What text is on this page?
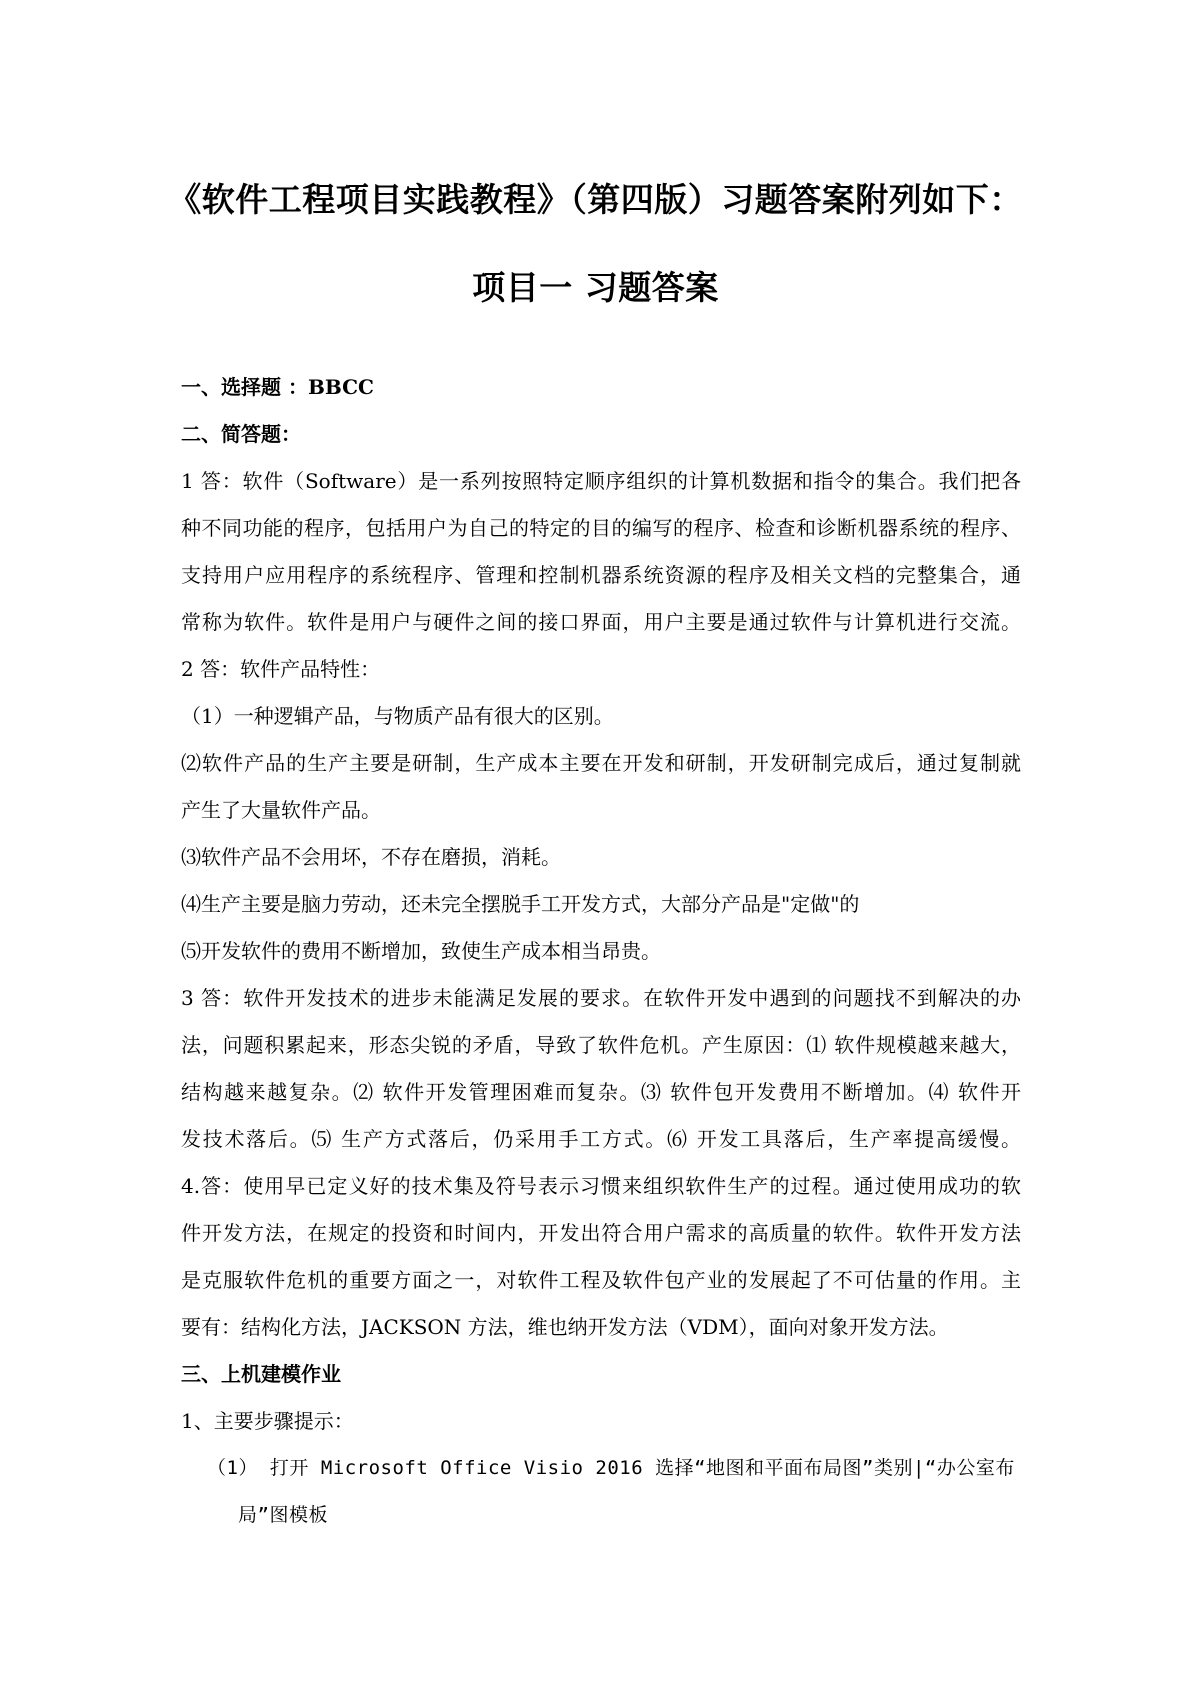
《软件工程项目实践教程》（第四版）习题答案附列如下：
项目一 习题答案
一、选择题 ：BBCC
二、简答题：
1 答：软件（Software）是一系列按照特定顺序组织的计算机数据和指令的集合。我们把各
种不同功能的程序，包括用户为自己的特定的目的编写的程序、检查和诊断机器系统的程序、
支持用户应用程序的系统程序、管理和控制机器系统资源的程序及相关文档的完整集合，通
常称为软件。软件是用户与硬件之间的接口界面，用户主要是通过软件与计算机进行交流。
2 答：软件产品特性：
（1）一种逻辑产品，与物质产品有很大的区别。
⑵软件产品的生产主要是研制，生产成本主要在开发和研制，开发研制完成后，通过复制就
产生了大量软件产品。
⑶软件产品不会用坏，不存在磨损，消耗。
⑷生产主要是脑力劳动，还未完全摆脱手工开发方式，大部分产品是"定做"的
⑸开发软件的费用不断增加，致使生产成本相当昂贵。
3 答：软件开发技术的进步未能满足发展的要求。在软件开发中遇到的问题找不到解决的办
法，问题积累起来，形态尖锐的矛盾，导致了软件危机。产生原因：⑴ 软件规模越来越大，
结构越来越复杂。⑵ 软件开发管理困难而复杂。⑶ 软件包开发费用不断增加。⑷ 软件开
发技术落后。⑸ 生产方式落后，仍采用手工方式。⑹ 开发工具落后，生产率提高缓慢。
4.答：使用早已定义好的技术集及符号表示习惯来组织软件生产的过程。通过使用成功的软
件开发方法，在规定的投资和时间内，开发出符合用户需求的高质量的软件。软件开发方法
是克服软件危机的重要方面之一，对软件工程及软件包产业的发展起了不可估量的作用。主
要有：结构化方法，JACKSON 方法，维也纳开发方法（VDM），面向对象开发方法。
三、上机建模作业
1、主要步骤提示：
（1） 打开 Microsoft Office Visio 2016 选择“地图和平面布局图”类别|“办公室布
局”图模板
